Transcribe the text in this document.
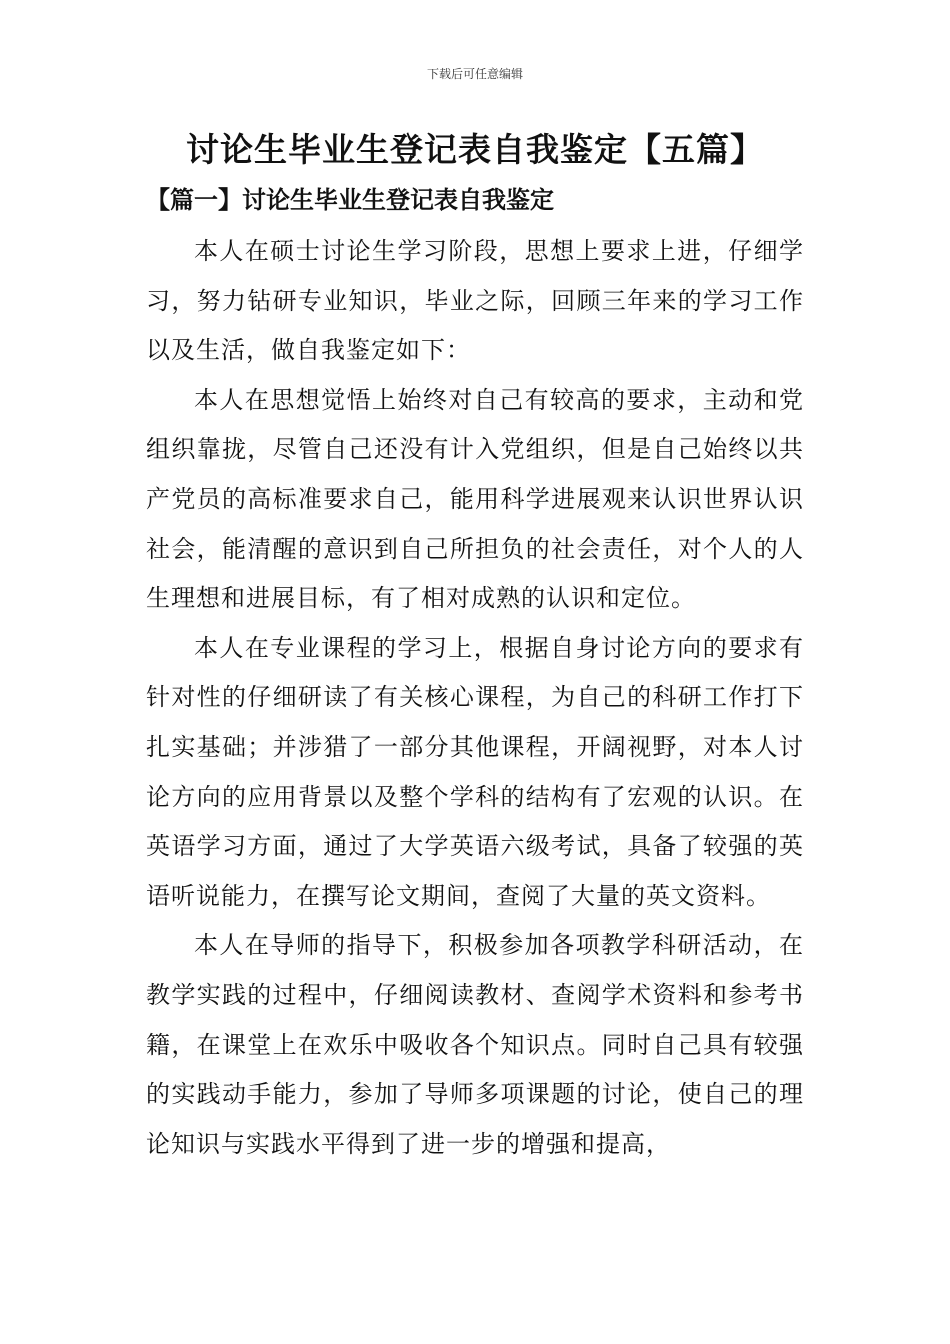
下载后可任意编辑
讨论生毕业生登记表自我鉴定【五篇】
【篇一】讨论生毕业生登记表自我鉴定

本人在硕士讨论生学习阶段，思想上要求上进，仔细学习，努力钻研专业知识，毕业之际，回顾三年来的学习工作以及生活，做自我鉴定如下：

本人在思想觉悟上始终对自己有较高的要求，主动和党组织靠拢，尽管自己还没有计入党组织，但是自己始终以共产党员的高标准要求自己，能用科学进展观来认识世界认识社会，能清醒的意识到自己所担负的社会责任，对个人的人生理想和进展目标，有了相对成熟的认识和定位。

本人在专业课程的学习上，根据自身讨论方向的要求有针对性的仔细研读了有关核心课程，为自己的科研工作打下扎实基础；并涉猎了一部分其他课程，开阔视野，对本人讨论方向的应用背景以及整个学科的结构有了宏观的认识。在英语学习方面，通过了大学英语六级考试，具备了较强的英语听说能力，在撰写论文期间，查阅了大量的英文资料。

本人在导师的指导下，积极参加各项教学科研活动，在教学实践的过程中，仔细阅读教材、查阅学术资料和参考书籍，在课堂上在欢乐中吸收各个知识点。同时自己具有较强的实践动手能力，参加了导师多项课题的讨论，使自己的理论知识与实践水平得到了进一步的增强和提高，
